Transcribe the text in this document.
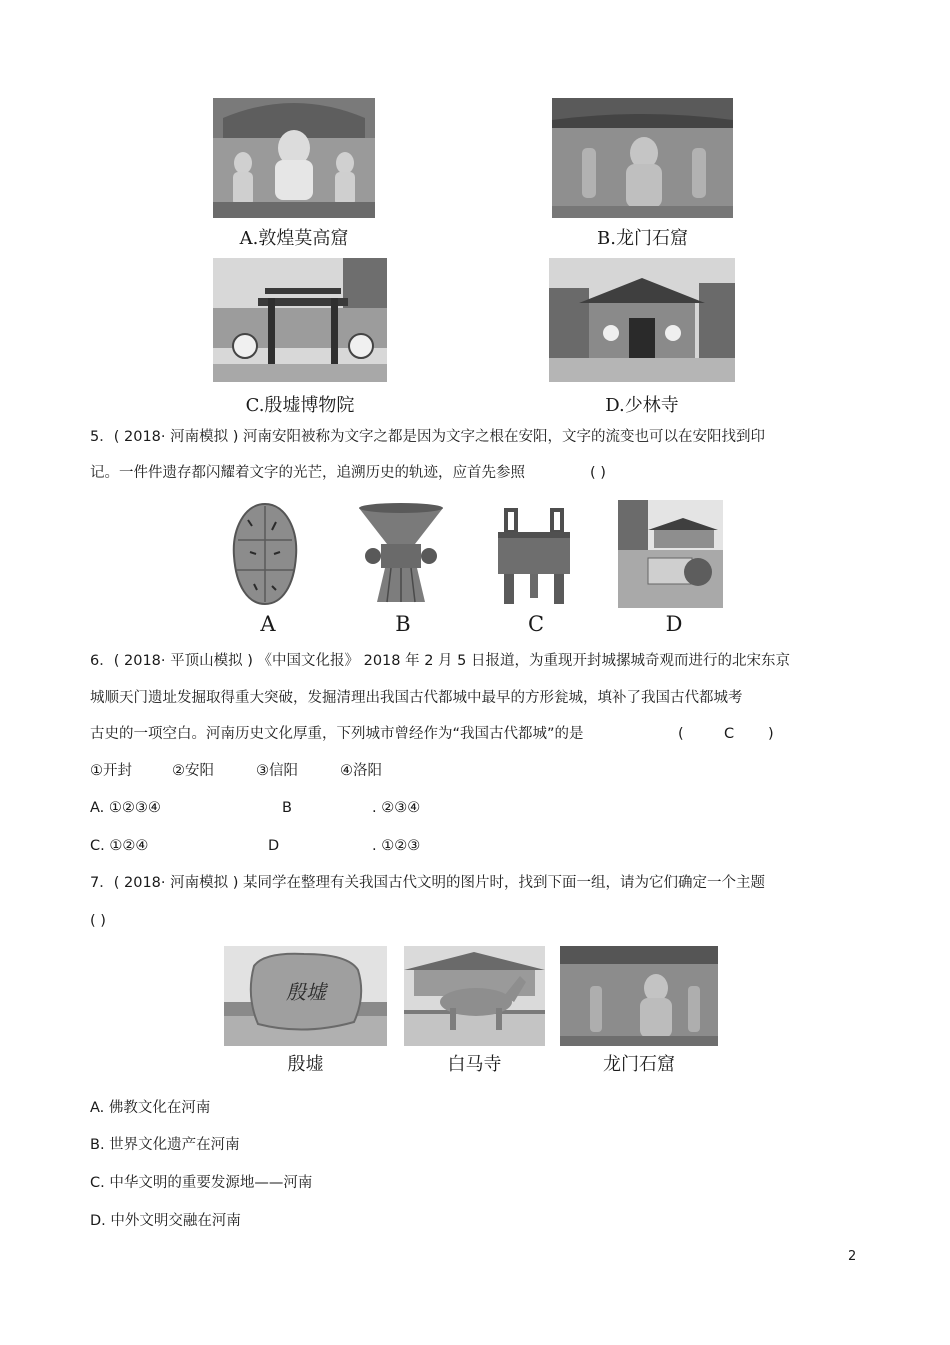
A.敦煌莫高窟	B.龙门石窟
C.殷墟博物院	D.少林寺
5．( 2018· 河南模拟 ) 河南安阳被称为文字之都是因为文字之根在安阳，文字的流变也可以在安阳找到印
记。一件件遗存都闪耀着文字的光芒，追溯历史的轨迹，应首先参照	( )
A	B	C	D
6．( 2018· 平顶山模拟 ) 《中国文化报》 2018 年 2 月 5 日报道，为重现开封城摞城奇观而进行的北宋东京
城顺天门遗址发掘取得重大突破，发掘清理出我国古代都城中最早的方形瓮城，填补了我国古代都城考
古史的一项空白。河南历史文化厚重，下列城市曾经作为“我国古代都城”的是	(	C )
①开封	②安阳	③信阳	④洛阳
A. ①②③④	B	. ②③④
C. ①②④	D	. ①②③
7．( 2018· 河南模拟 ) 某同学在整理有关我国古代文明的图片时，找到下面一组，请为它们确定一个主题
( )
殷墟
殷墟	白马寺	龙门石窟
A. 佛教文化在河南
B. 世界文化遗产在河南
C. 中华文明的重要发源地——河南
D. 中外文明交融在河南
2
